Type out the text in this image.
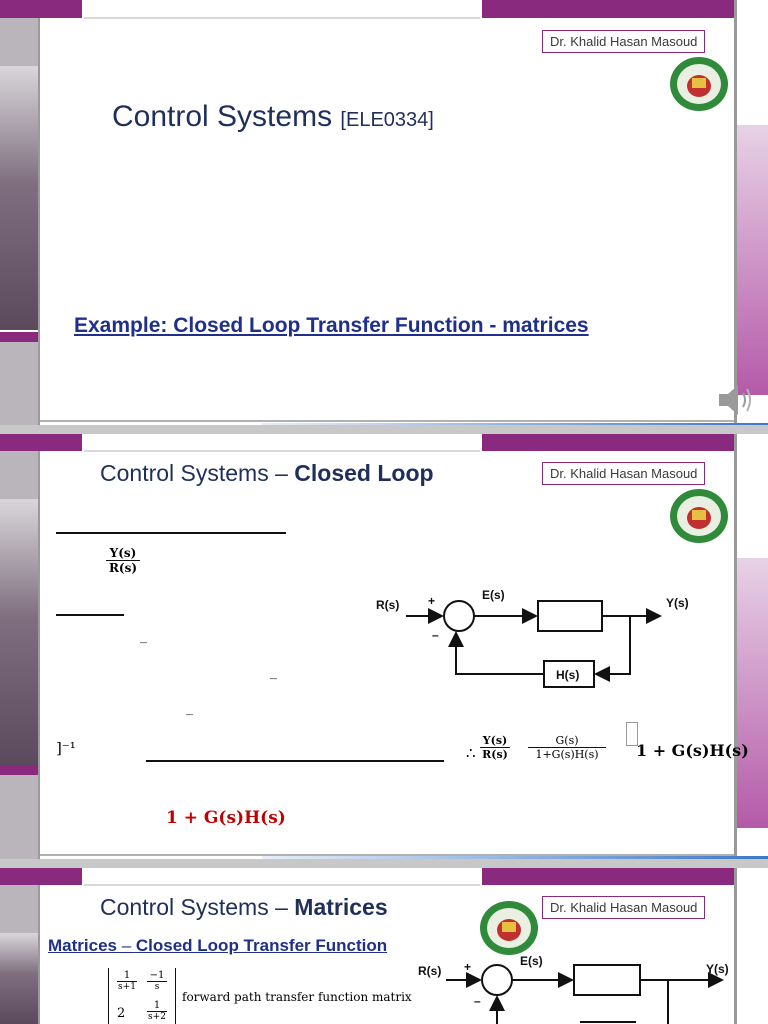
Dr. Khalid Hasan Masoud
Control Systems [ELE0334]
Example: Closed Loop Transfer Function - matrices
Control Systems – Closed Loop	Dr. Khalid Hasan Masoud
$\frac{Y(s)}{R(s)}$
_
_
_
]⁻¹
1 + G(s)H(s)
∴ $\frac{Y(s)}{R(s)} \frac{G(s)}{1+G(s)H(s)} 1 + G(s)H(s)$
R(s) +
–
E(s)
Y(s)
H(s)
Control Systems – Matrices	Dr. Khalid Hasan Masoud
Matrices – Closed Loop Transfer Function
$\frac{1}{s+1} \frac{-1}{s}$
$2 \frac{1}{s+2}$
forward path transfer function matrix
R(s) +
–
E(s)
Y(s)
